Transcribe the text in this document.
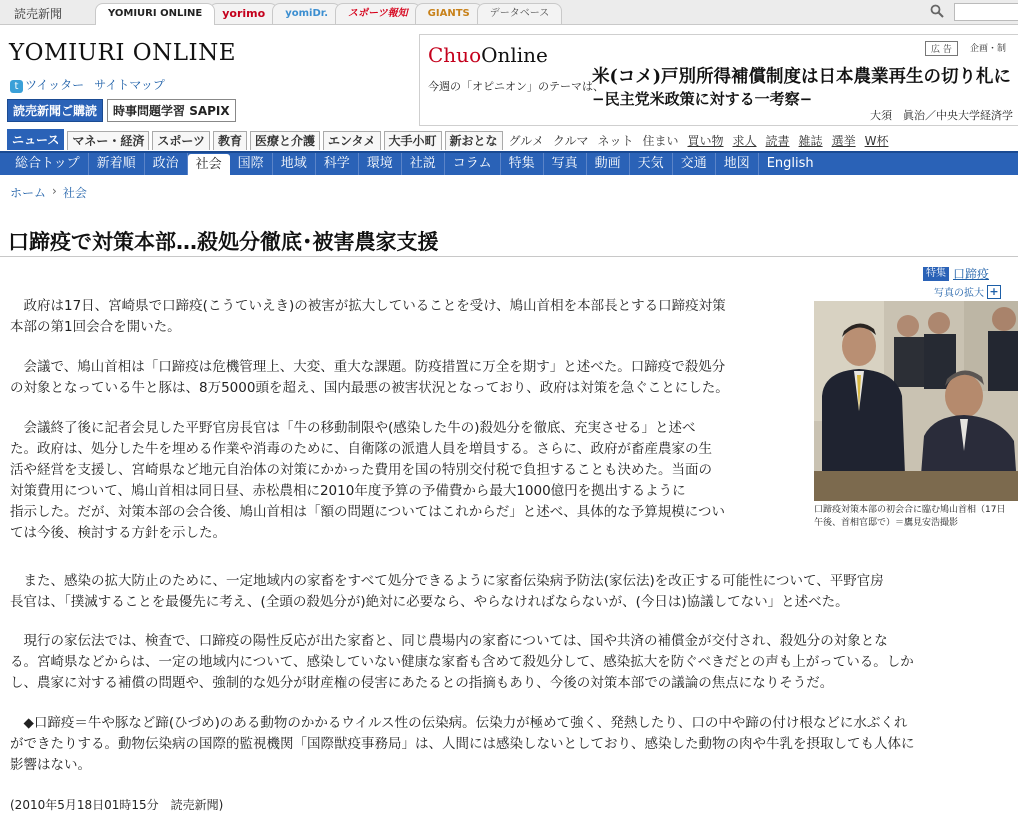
読売新聞	YOMIURI ONLINE	yorimo	yomiDr.	スポーツ報知	GIANTS	データベース
YOMIURI ONLINE
t ツイッター サイトマップ
読売新聞ご購読	時事問題学習 SAPIX
ChuoOnline	広 告	企画・制
今週の「オピニオン」のテーマは、
米(コメ)戸別所得補償制度は日本農業再生の切り札に
−民主党米政策に対する一考察−
大須　眞治／中央大学経済学
ニュース	マネー・経済	スポーツ	教育	医療と介護	エンタメ	大手小町	新おとな グルメ クルマ ネット 住まい 買い物 求人 読書 雑誌 選挙 W杯
総合トップ	新着順	政治	社会	国際	地域	科学	環境	社説	コラム	特集	写真	動画	天気	交通	地図	English
ホーム › 社会
口蹄疫で対策本部…殺処分徹底･被害農家支援
特集 口蹄疫
写真の拡大 +
口蹄疫対策本部の初会合に臨む鳩山首相（17日午後、首相官邸で）＝鷹見安浩撮影

政府は17日、宮崎県で口蹄疫(こうていえき)の被害が拡大していることを受け、鳩山首相を本部長とする口蹄疫対策

本部の第1回会合を開いた。

会議で、鳩山首相は「口蹄疫は危機管理上、大変、重大な課題。防疫措置に万全を期す」と述べた。口蹄疫で殺処分

の対象となっている牛と豚は、8万5000頭を超え、国内最悪の被害状況となっており、政府は対策を急ぐことにした。

会議終了後に記者会見した平野官房長官は「牛の移動制限や(感染した牛の)殺処分を徹底、充実させる」と述べ

た。政府は、処分した牛を埋める作業や消毒のために、自衛隊の派遣人員を増員する。さらに、政府が畜産農家の生

活や経営を支援し、宮崎県など地元自治体の対策にかかった費用を国の特別交付税で負担することも決めた。当面の

対策費用について、鳩山首相は同日昼、赤松農相に2010年度予算の予備費から最大1000億円を拠出するように

指示した。だが、対策本部の会合後、鳩山首相は「額の問題についてはこれからだ」と述べ、具体的な予算規模につい

ては今後、検討する方針を示した。

また、感染の拡大防止のために、一定地域内の家畜をすべて処分できるように家畜伝染病予防法(家伝法)を改正する可能性について、平野官房

長官は、「撲滅することを最優先に考え、(全頭の殺処分が)絶対に必要なら、やらなければならないが、(今日は)協議してない」と述べた。

現行の家伝法では、検査で、口蹄疫の陽性反応が出た家畜と、同じ農場内の家畜については、国や共済の補償金が交付され、殺処分の対象とな

る。宮崎県などからは、一定の地域内について、感染していない健康な家畜も含めて殺処分して、感染拡大を防ぐべきだとの声も上がっている。しか

し、農家に対する補償の問題や、強制的な処分が財産権の侵害にあたるとの指摘もあり、今後の対策本部での議論の焦点になりそうだ。

◆口蹄疫＝牛や豚など蹄(ひづめ)のある動物のかかるウイルス性の伝染病。伝染力が極めて強く、発熱したり、口の中や蹄の付け根などに水ぶくれ

ができたりする。動物伝染病の国際的監視機関「国際獣疫事務局」は、人間には感染しないとしており、感染した動物の肉や牛乳を摂取しても人体に

影響はない。

(2010年5月18日01時15分　読売新聞)
